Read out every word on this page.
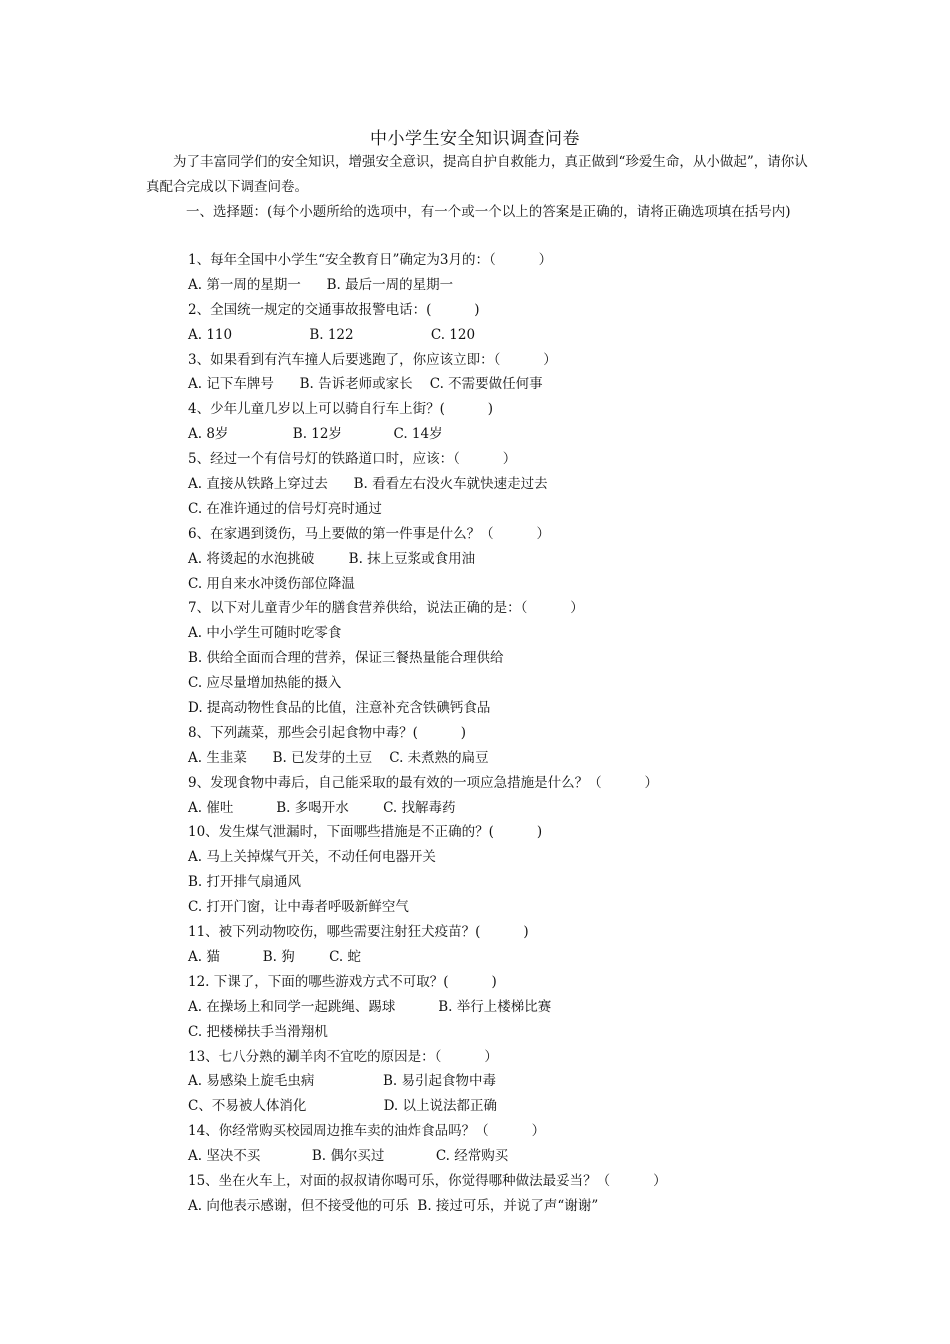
中小学生安全知识调查问卷

为了丰富同学们的安全知识，增强安全意识，提高自护自救能力，真正做到“珍爱生命，从小做起”，请你认真配合完成以下调查问卷。

一、选择题：(每个小题所给的选项中，有一个或一个以上的答案是正确的，请将正确选项填在括号内)

1、每年全国中小学生“安全教育日”确定为3月的：（          ）
A. 第一周的星期一      B. 最后一周的星期一
2、全国统一规定的交通事故报警电话：(          )
A. 110                  B. 122                  C. 120
3、如果看到有汽车撞人后要逃跑了，你应该立即：（          ）
A. 记下车牌号      B. 告诉老师或家长    C. 不需要做任何事
4、少年儿童几岁以上可以骑自行车上街？(          )
A. 8岁               B. 12岁            C. 14岁
5、经过一个有信号灯的铁路道口时，应该：（          ）
A. 直接从铁路上穿过去      B. 看看左右没火车就快速走过去
C. 在准许通过的信号灯亮时通过
6、在家遇到烫伤，马上要做的第一件事是什么？（          ）
A. 将烫起的水泡挑破        B. 抹上豆浆或食用油
C. 用自来水冲烫伤部位降温
7、以下对儿童青少年的膳食营养供给，说法正确的是：（          ）
A. 中小学生可随时吃零食
B. 供给全面而合理的营养，保证三餐热量能合理供给
C. 应尽量增加热能的摄入
D. 提高动物性食品的比值，注意补充含铁碘钙食品
8、下列蔬菜，那些会引起食物中毒？(          )
A. 生韭菜      B. 已发芽的土豆    C. 未煮熟的扁豆
9、发现食物中毒后，自己能采取的最有效的一项应急措施是什么？（          ）
A. 催吐          B. 多喝开水        C. 找解毒药
10、发生煤气泄漏时，下面哪些措施是不正确的？(          )
A. 马上关掉煤气开关，不动任何电器开关
B. 打开排气扇通风
C. 打开门窗，让中毒者呼吸新鲜空气
11、被下列动物咬伤，哪些需要注射狂犬疫苗？(          )
A. 猫          B. 狗        C. 蛇
12. 下课了，下面的哪些游戏方式不可取？(          )
A. 在操场上和同学一起跳绳、踢球          B. 举行上楼梯比赛
C. 把楼梯扶手当滑翔机
13、七八分熟的涮羊肉不宜吃的原因是：（          ）
A. 易感染上旋毛虫病                B. 易引起食物中毒
C、不易被人体消化                  D. 以上说法都正确
14、你经常购买校园周边推车卖的油炸食品吗？（          ）
A. 坚决不买            B. 偶尔买过            C. 经常购买
15、坐在火车上，对面的叔叔请你喝可乐，你觉得哪种做法最妥当？（          ）
A. 向他表示感谢，但不接受他的可乐  B. 接过可乐，并说了声“谢谢”
